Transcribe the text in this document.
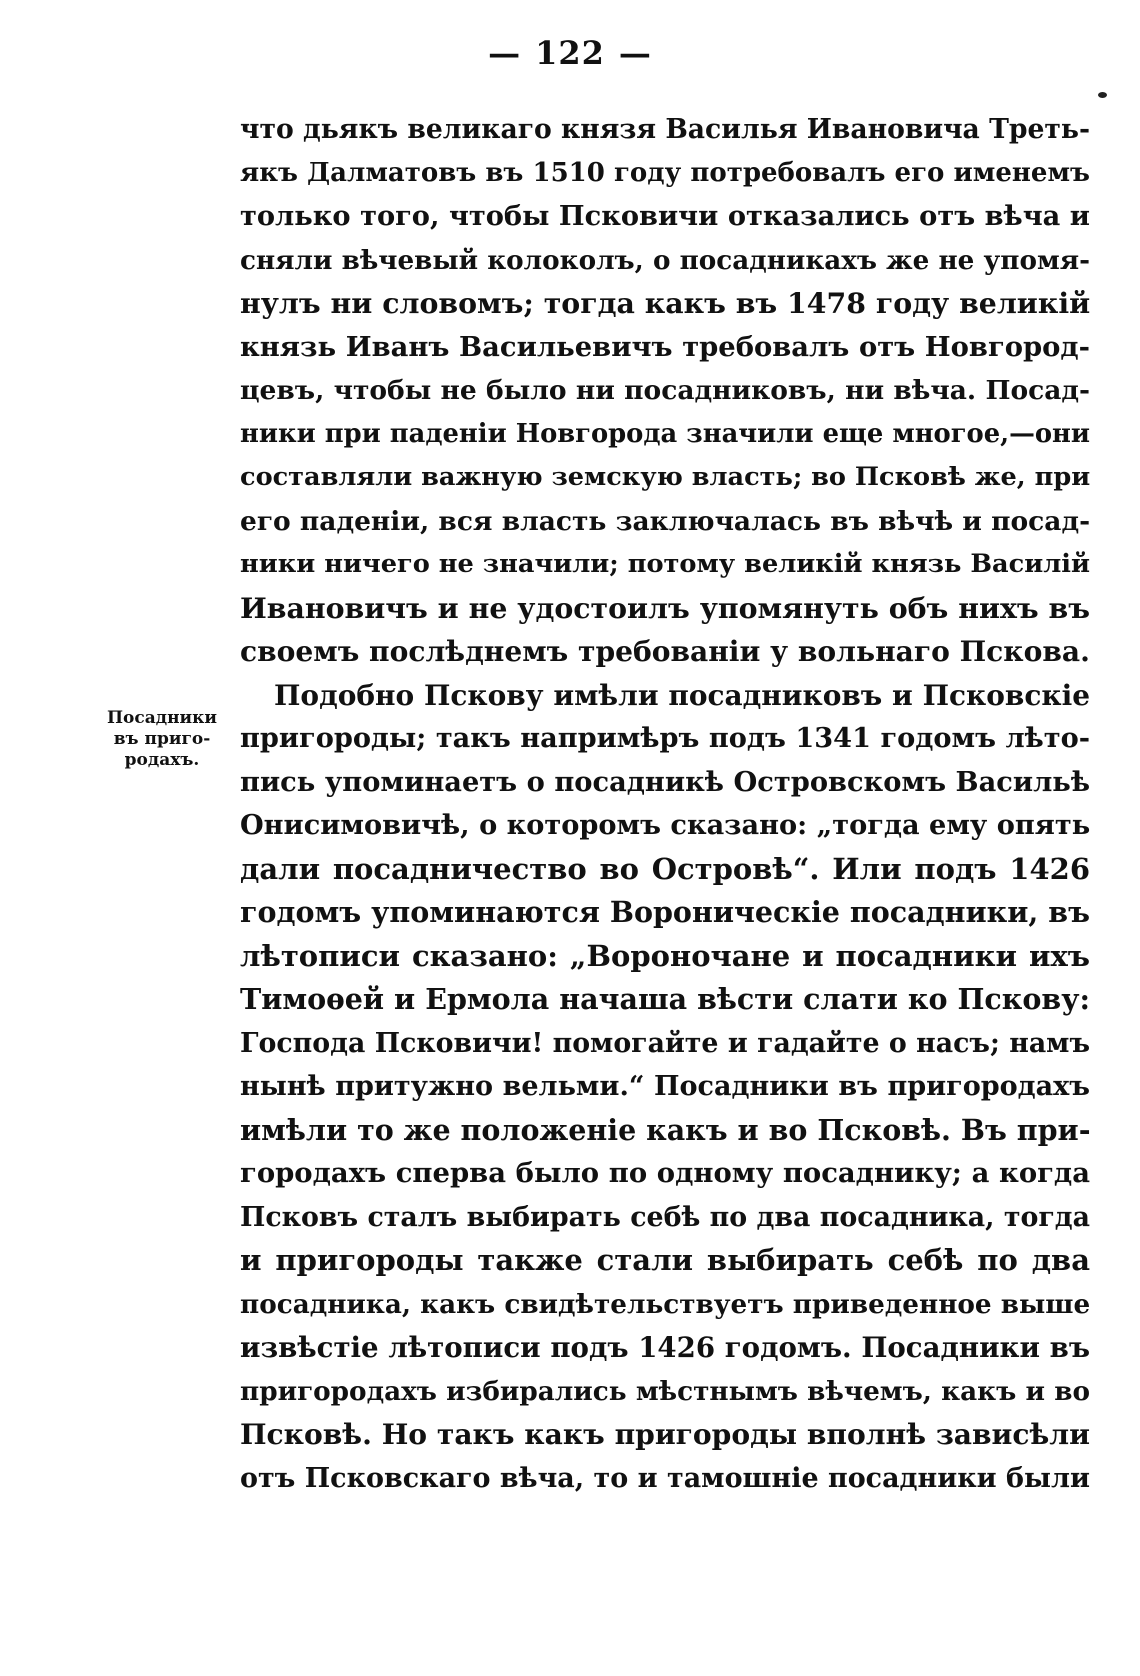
— 122 —
Посадники
въ приго-
родахъ.
что дьякъ великаго князя Василья Ивановича Треть-
якъ Далматовъ въ 1510 году потребовалъ его именемъ
только того, чтобы Псковичи отказались отъ вѣча и
сняли вѣчевый колоколъ, о посадникахъ же не упомя-
нулъ ни словомъ; тогда какъ въ 1478 году великій
князь Иванъ Васильевичъ требовалъ отъ Новгород-
цевъ, чтобы не было ни посадниковъ, ни вѣча. Посад-
ники при паденіи Новгорода значили еще многое,—они
составляли важную земскую власть; во Псковѣ же, при
его паденіи, вся власть заключалась въ вѣчѣ и посад-
ники ничего не значили; потому великій князь Василій
Ивановичъ и не удостоилъ упомянуть объ нихъ въ
своемъ послѣднемъ требованіи у вольнаго Пскова.
Подобно Пскову имѣли посадниковъ и Псковскіе
пригороды; такъ напримѣръ подъ 1341 годомъ лѣто-
пись упоминаетъ о посадникѣ Островскомъ Васильѣ
Онисимовичѣ, о которомъ сказано: „тогда ему опять
дали посадничество во Островѣ“. Или подъ 1426
годомъ упоминаются Вороническіе посадники, въ
лѣтописи сказано: „Вороночане и посадники ихъ
Тимоѳей и Ермола начаша вѣсти слати ко Пскову:
Господа Псковичи! помогайте и гадайте о насъ; намъ
нынѣ притужно вельми.“ Посадники въ пригородахъ
имѣли то же положеніе какъ и во Псковѣ. Въ при-
городахъ сперва было по одному посаднику; а когда
Псковъ сталъ выбирать себѣ по два посадника, тогда
и пригороды также стали выбирать себѣ по два
посадника, какъ свидѣтельствуетъ приведенное выше
извѣстіе лѣтописи подъ 1426 годомъ. Посадники въ
пригородахъ избирались мѣстнымъ вѣчемъ, какъ и во
Псковѣ. Но такъ какъ пригороды вполнѣ зависѣли
отъ Псковскаго вѣча, то и тамошніе посадники были
